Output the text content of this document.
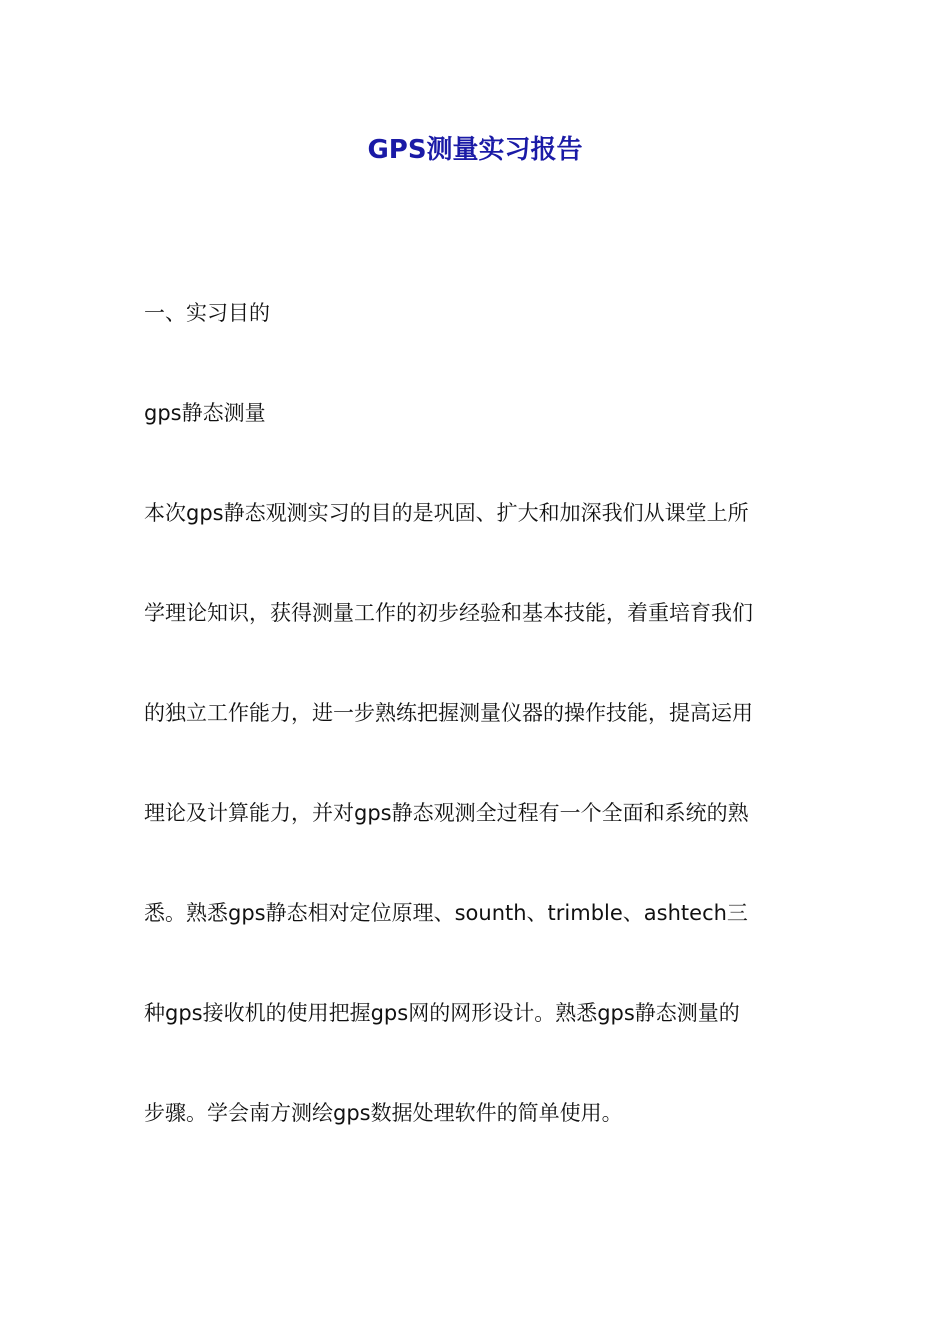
GPS测量实习报告
一、实习目的
gps静态测量
本次gps静态观测实习的目的是巩固、扩大和加深我们从课堂上所
学理论知识，获得测量工作的初步经验和基本技能，着重培育我们
的独立工作能力，进一步熟练把握测量仪器的操作技能，提高运用
理论及计算能力，并对gps静态观测全过程有一个全面和系统的熟
悉。熟悉gps静态相对定位原理、sounth、trimble、ashtech三
种gps接收机的使用把握gps网的网形设计。熟悉gps静态测量的
步骤。学会南方测绘gps数据处理软件的简单使用。
